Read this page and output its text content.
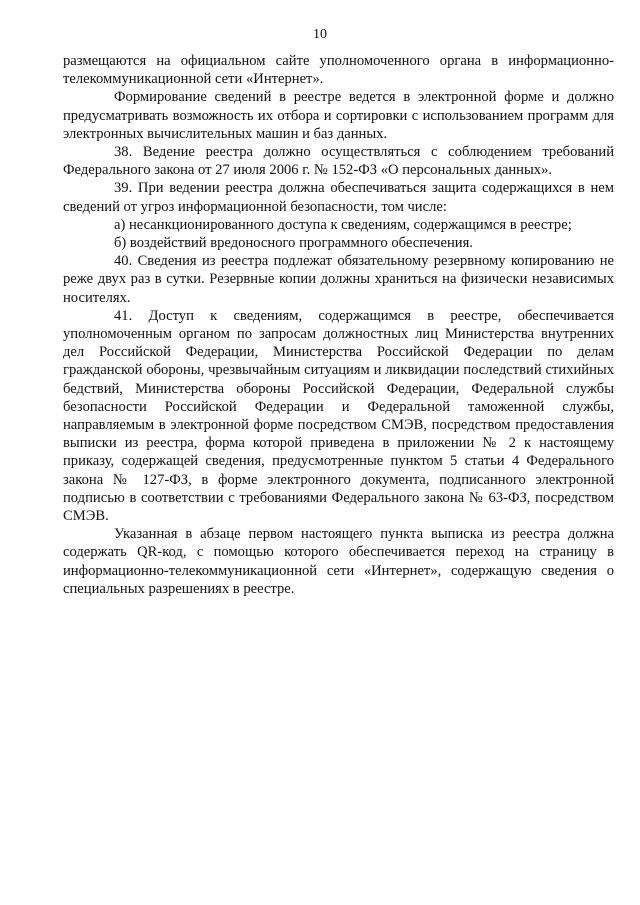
10

размещаются на официальном сайте уполномоченного органа в информационно-телекоммуникационной сети «Интернет».

Формирование сведений в реестре ведется в электронной форме и должно предусматривать возможность их отбора и сортировки с использованием программ для электронных вычислительных машин и баз данных.

38. Ведение реестра должно осуществляться с соблюдением требований Федерального закона от 27 июля 2006 г. № 152-ФЗ «О персональных данных».

39. При ведении реестра должна обеспечиваться защита содержащихся в нем сведений от угроз информационной безопасности, том числе:

а) несанкционированного доступа к сведениям, содержащимся в реестре;

б) воздействий вредоносного программного обеспечения.

40. Сведения из реестра подлежат обязательному резервному копированию не реже двух раз в сутки. Резервные копии должны храниться на физически независимых носителях.

41. Доступ к сведениям, содержащимся в реестре, обеспечивается уполномоченным органом по запросам должностных лиц Министерства внутренних дел Российской Федерации, Министерства Российской Федерации по делам гражданской обороны, чрезвычайным ситуациям и ликвидации последствий стихийных бедствий, Министерства обороны Российской Федерации, Федеральной службы безопасности Российской Федерации и Федеральной таможенной службы, направляемым в электронной форме посредством СМЭВ, посредством предоставления выписки из реестра, форма которой приведена в приложении № 2 к настоящему приказу, содержащей сведения, предусмотренные пунктом 5 статьи 4 Федерального закона № 127-ФЗ, в форме электронного документа, подписанного электронной подписью в соответствии с требованиями Федерального закона № 63-ФЗ, посредством СМЭВ.

Указанная в абзаце первом настоящего пункта выписка из реестра должна содержать QR-код, с помощью которого обеспечивается переход на страницу в информационно-телекоммуникационной сети «Интернет», содержащую сведения о специальных разрешениях в реестре.
